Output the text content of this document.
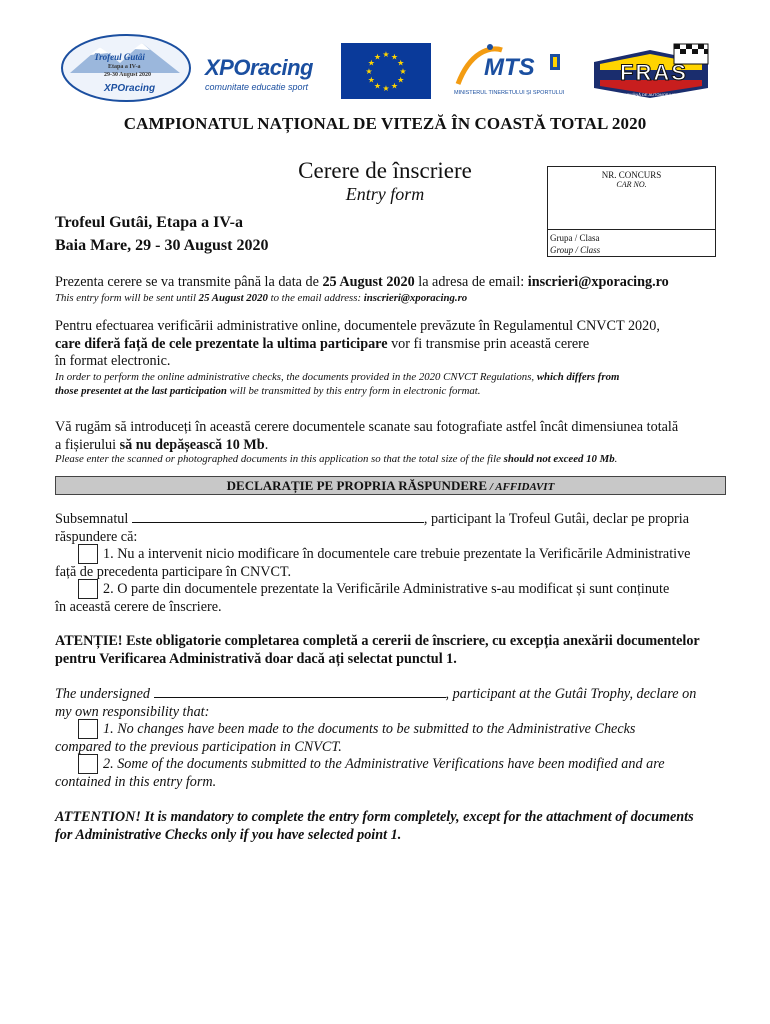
Trofeul Gutâi
Etapa a IV-a
29-30 August 2020
XPOracing
XPOracing
comunitate educatie sport
★ ★
★
★
★
★
★
★
★
★
★
★	MTS
MINISTERUL TINERETULUI ȘI SPORTULUI
FRAS
FEDERAȚIA ROMÂNĂ DE AUTOMOBILISM SPORTIV
CAMPIONATUL NAȚIONAL DE VITEZĂ ÎN COASTĂ TOTAL 2020
Cerere de înscriere
Entry form
NR. CONCURS
CAR NO.
Grupa / Clasa
Group / Class
Trofeul Gutâi, Etapa a IV-a
Baia Mare, 29 - 30 August 2020
Prezenta cerere se va transmite până la data de 25 August 2020 la adresa de email: inscrieri@xporacing.ro
This entry form will be sent until 25 August 2020 to the email address: inscrieri@xporacing.ro
Pentru efectuarea verificării administrative online, documentele prevăzute în Regulamentul CNVCT 2020,
care diferă față de cele prezentate la ultima participare vor fi transmise prin această cerere
în format electronic.
In order to perform the online administrative checks, the documents provided in the 2020 CNVCT Regulations, which differs from
those presentet at the last participation will be transmitted by this entry form in electronic format.
Vă rugăm să introduceți în această cerere documentele scanate sau fotografiate astfel încât dimensiunea totală
a fișierului să nu depășească 10 Mb.
Please enter the scanned or photographed documents in this application so that the total size of the file should not exceed 10 Mb.
DECLARAȚIE PE PROPRIA RĂSPUNDERE / AFFIDAVIT
Subsemnatul	, participant la Trofeul Gutâi, declar pe propria
răspundere că:
1. Nu a intervenit nicio modificare în documentele care trebuie prezentate la Verificările Administrative
față de precedenta participare în CNVCT.
2. O parte din documentele prezentate la Verificările Administrative s-au modificat și sunt conținute
în această cerere de înscriere.
ATENȚIE! Este obligatorie completarea completă a cererii de înscriere, cu excepția anexării documentelor
pentru Verificarea Administrativă doar dacă ați selectat punctul 1.
The undersigned	, participant at the Gutâi Trophy, declare on
my own responsibility that:
1. No changes have been made to the documents to be submitted to the Administrative Checks
compared to the previous participation in CNVCT.
2. Some of the documents submitted to the Administrative Verifications have been modified and are
contained in this entry form.
ATTENTION! It is mandatory to complete the entry form completely, except for the attachment of documents
for Administrative Checks only if you have selected point 1.
